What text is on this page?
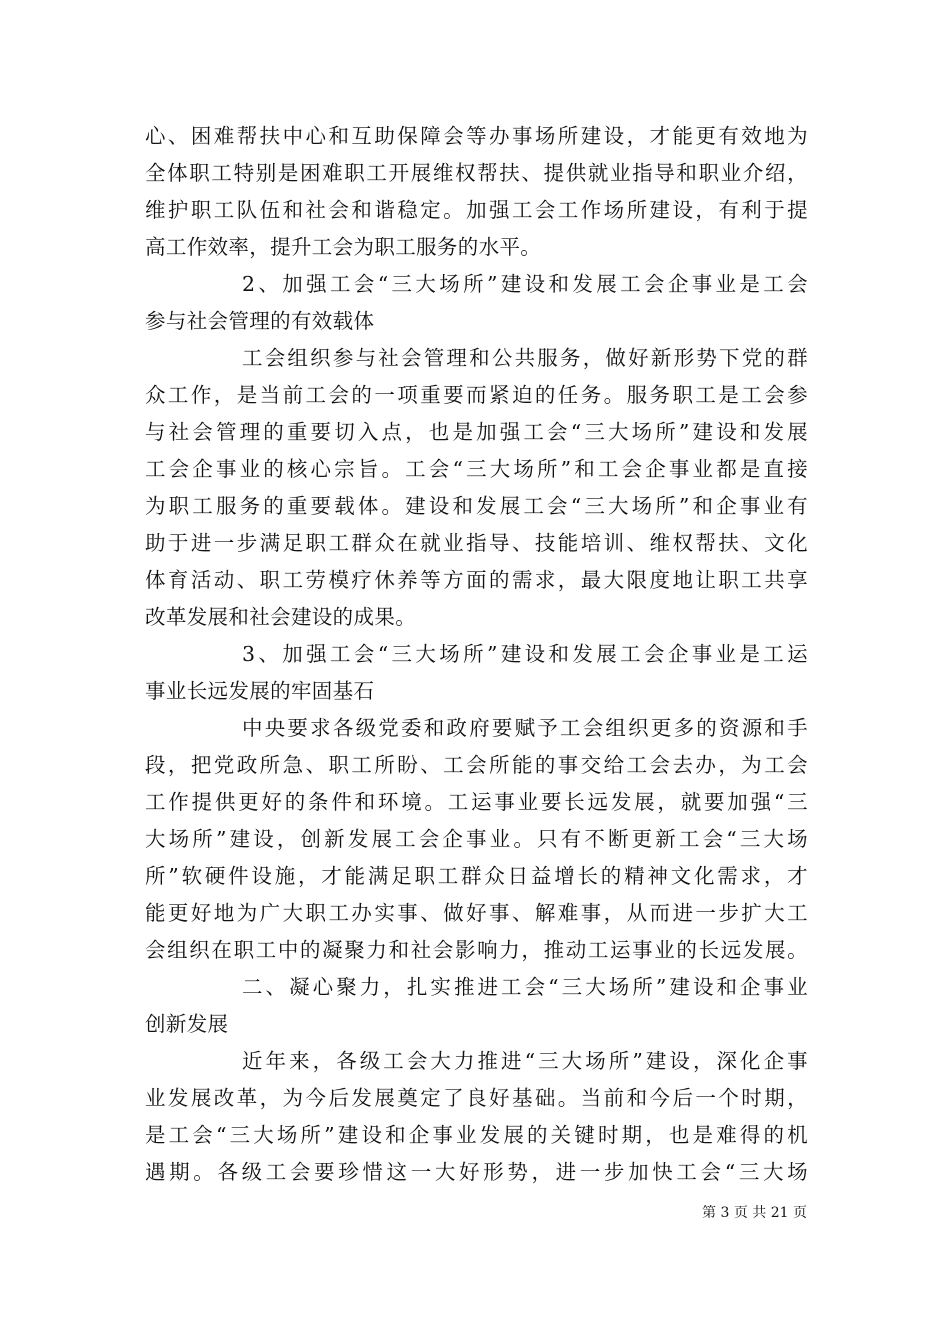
心、困难帮扶中心和互助保障会等办事场所建设，才能更有效地为
全体职工特别是困难职工开展维权帮扶、提供就业指导和职业介绍，
维护职工队伍和社会和谐稳定。加强工会工作场所建设，有利于提
高工作效率，提升工会为职工服务的水平。
2、加强工会“三大场所”建设和发展工会企事业是工会
参与社会管理的有效载体
工会组织参与社会管理和公共服务，做好新形势下党的群
众工作，是当前工会的一项重要而紧迫的任务。服务职工是工会参
与社会管理的重要切入点，也是加强工会“三大场所”建设和发展
工会企事业的核心宗旨。工会“三大场所”和工会企事业都是直接
为职工服务的重要载体。建设和发展工会“三大场所”和企事业有
助于进一步满足职工群众在就业指导、技能培训、维权帮扶、文化
体育活动、职工劳模疗休养等方面的需求，最大限度地让职工共享
改革发展和社会建设的成果。
3、加强工会“三大场所”建设和发展工会企事业是工运
事业长远发展的牢固基石
中央要求各级党委和政府要赋予工会组织更多的资源和手
段，把党政所急、职工所盼、工会所能的事交给工会去办，为工会
工作提供更好的条件和环境。工运事业要长远发展，就要加强“三
大场所”建设，创新发展工会企事业。只有不断更新工会“三大场
所”软硬件设施，才能满足职工群众日益增长的精神文化需求，才
能更好地为广大职工办实事、做好事、解难事，从而进一步扩大工
会组织在职工中的凝聚力和社会影响力，推动工运事业的长远发展。
二、凝心聚力，扎实推进工会“三大场所”建设和企事业
创新发展
近年来，各级工会大力推进“三大场所”建设，深化企事
业发展改革，为今后发展奠定了良好基础。当前和今后一个时期，
是工会“三大场所”建设和企事业发展的关键时期，也是难得的机
遇期。各级工会要珍惜这一大好形势，进一步加快工会“三大场
第 3 页 共 21 页
